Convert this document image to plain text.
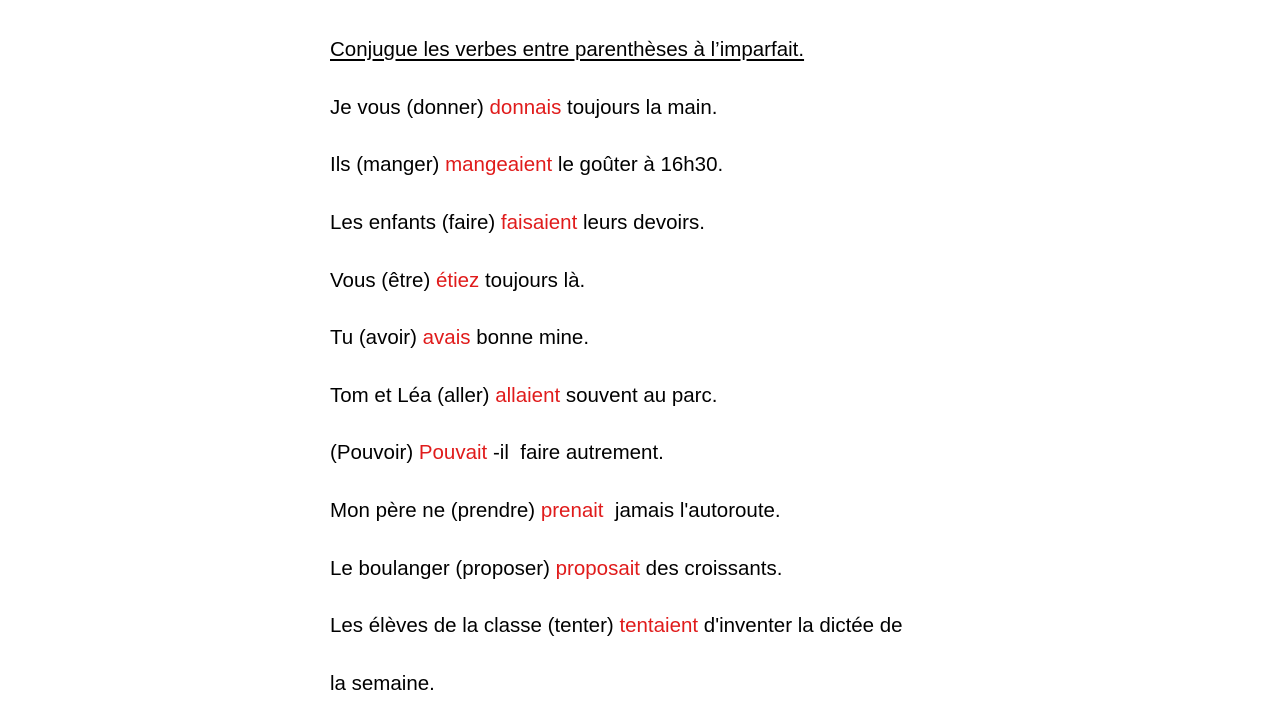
Conjugue les verbes entre parenthèses à l’imparfait.
Je vous (donner) donnais toujours la main.
Ils (manger) mangeaient le goûter à 16h30.
Les enfants (faire) faisaient leurs devoirs.
Vous (être) étiez toujours là.
Tu (avoir) avais bonne mine.
Tom et Léa (aller) allaient souvent au parc.
(Pouvoir) Pouvait -il  faire autrement.
Mon père ne (prendre) prenait  jamais l'autoroute.
Le boulanger (proposer) proposait des croissants.
Les élèves de la classe (tenter) tentaient d'inventer la dictée de
la semaine.
